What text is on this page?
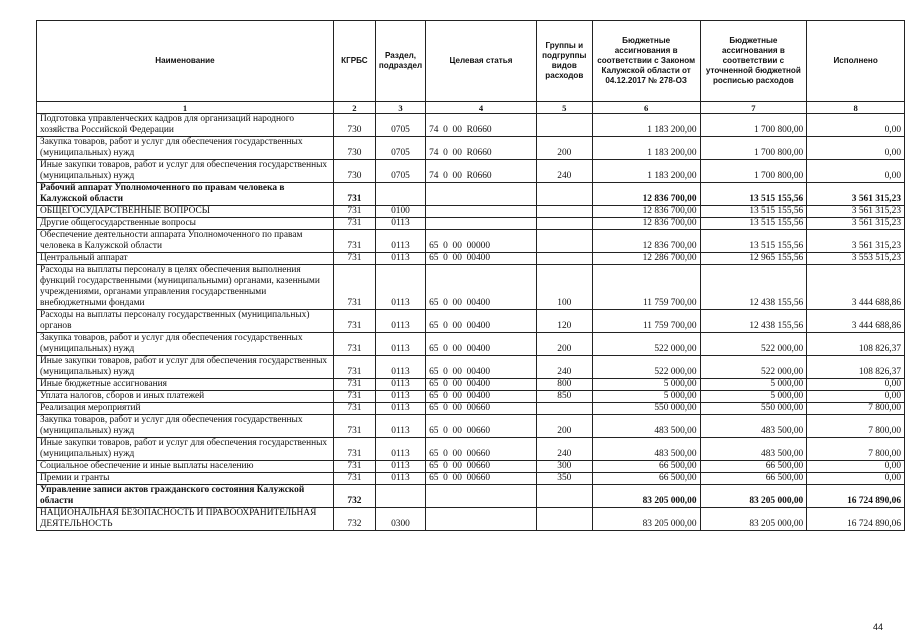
Наименование	КГРБС	Раздел, подраздел	Целевая статья	Группы и подгруппы видов расходов	Бюджетные ассигнования в соответствии с Законом Калужской области от 04.12.2017 № 278-ОЗ	Бюджетные ассигнования в соответствии с уточненной бюджетной росписью расходов	Исполнено
1	2	3	4	5	6	7	8
Подготовка управленческих кадров для организаций народного хозяйства Российской Федерации	730	0705	74  0  00  R0660		1 183 200,00	1 700 800,00	0,00
Закупка товаров, работ и услуг для обеспечения государственных (муниципальных) нужд	730	0705	74  0  00  R0660	200	1 183 200,00	1 700 800,00	0,00
Иные закупки товаров, работ и услуг для обеспечения государственных (муниципальных) нужд	730	0705	74  0  00  R0660	240	1 183 200,00	1 700 800,00	0,00
Рабочий аппарат Уполномоченного по правам человека в Калужской области	731				12 836 700,00	13 515 155,56	3 561 315,23
ОБЩЕГОСУДАРСТВЕННЫЕ ВОПРОСЫ	731	0100			12 836 700,00	13 515 155,56	3 561 315,23
Другие общегосударственные вопросы	731	0113			12 836 700,00	13 515 155,56	3 561 315,23
Обеспечение деятельности аппарата Уполномоченного по правам человека в Калужской области	731	0113	65  0  00  00000		12 836 700,00	13 515 155,56	3 561 315,23
Центральный аппарат	731	0113	65  0  00  00400		12 286 700,00	12 965 155,56	3 553 515,23
Расходы на выплаты персоналу в целях обеспечения выполнения функций государственными (муниципальными) органами, казенными учреждениями, органами управления государственными внебюджетными фондами	731	0113	65  0  00  00400	100	11 759 700,00	12 438 155,56	3 444 688,86
Расходы на выплаты персоналу государственных (муниципальных) органов	731	0113	65  0  00  00400	120	11 759 700,00	12 438 155,56	3 444 688,86
Закупка товаров, работ и услуг для обеспечения государственных (муниципальных) нужд	731	0113	65  0  00  00400	200	522 000,00	522 000,00	108 826,37
Иные закупки товаров, работ и услуг для обеспечения государственных (муниципальных) нужд	731	0113	65  0  00  00400	240	522 000,00	522 000,00	108 826,37
Иные бюджетные ассигнования	731	0113	65  0  00  00400	800	5 000,00	5 000,00	0,00
Уплата налогов, сборов и иных платежей	731	0113	65  0  00  00400	850	5 000,00	5 000,00	0,00
Реализация мероприятий	731	0113	65  0  00  00660		550 000,00	550 000,00	7 800,00
Закупка товаров, работ и услуг для обеспечения государственных (муниципальных) нужд	731	0113	65  0  00  00660	200	483 500,00	483 500,00	7 800,00
Иные закупки товаров, работ и услуг для обеспечения государственных (муниципальных) нужд	731	0113	65  0  00  00660	240	483 500,00	483 500,00	7 800,00
Социальное обеспечение и иные выплаты населению	731	0113	65  0  00  00660	300	66 500,00	66 500,00	0,00
Премии и гранты	731	0113	65  0  00  00660	350	66 500,00	66 500,00	0,00
Управление записи актов гражданского состояния Калужской области	732				83 205 000,00	83 205 000,00	16 724 890,06
НАЦИОНАЛЬНАЯ БЕЗОПАСНОСТЬ И ПРАВООХРАНИТЕЛЬНАЯ ДЕЯТЕЛЬНОСТЬ	732	0300			83 205 000,00	83 205 000,00	16 724 890,06
44
